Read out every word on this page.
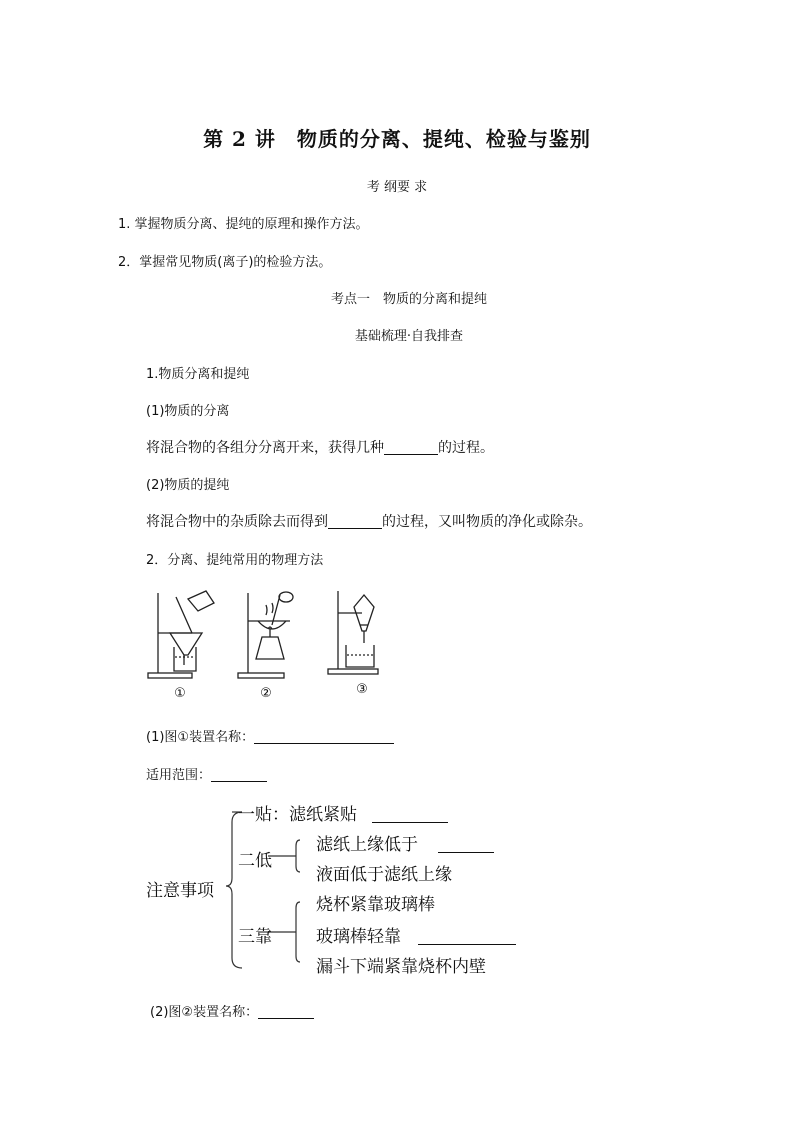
第 2 讲　物质的分离、提纯、检验与鉴别
考 纲要 求
1. 掌握物质分离、提纯的原理和操作方法。
2．掌握常见物质(离子)的检验方法。
考点一　物质的分离和提纯
基础梳理·自我排查
1.物质分离和提纯
(1)物质的分离
将混合物的各组分分离开来，获得几种	的过程。
(2)物质的提纯
将混合物中的杂质除去而得到	的过程，又叫物质的净化或除杂。
2．分离、提纯常用的物理方法
①	②	③
(1)图①装置名称：
适用范围：
注意事项
一贴：滤纸紧贴
二低
滤纸上缘低于
液面低于滤纸上缘
三靠
烧杯紧靠玻璃棒
玻璃棒轻靠
漏斗下端紧靠烧杯内壁
(2)图②装置名称：
